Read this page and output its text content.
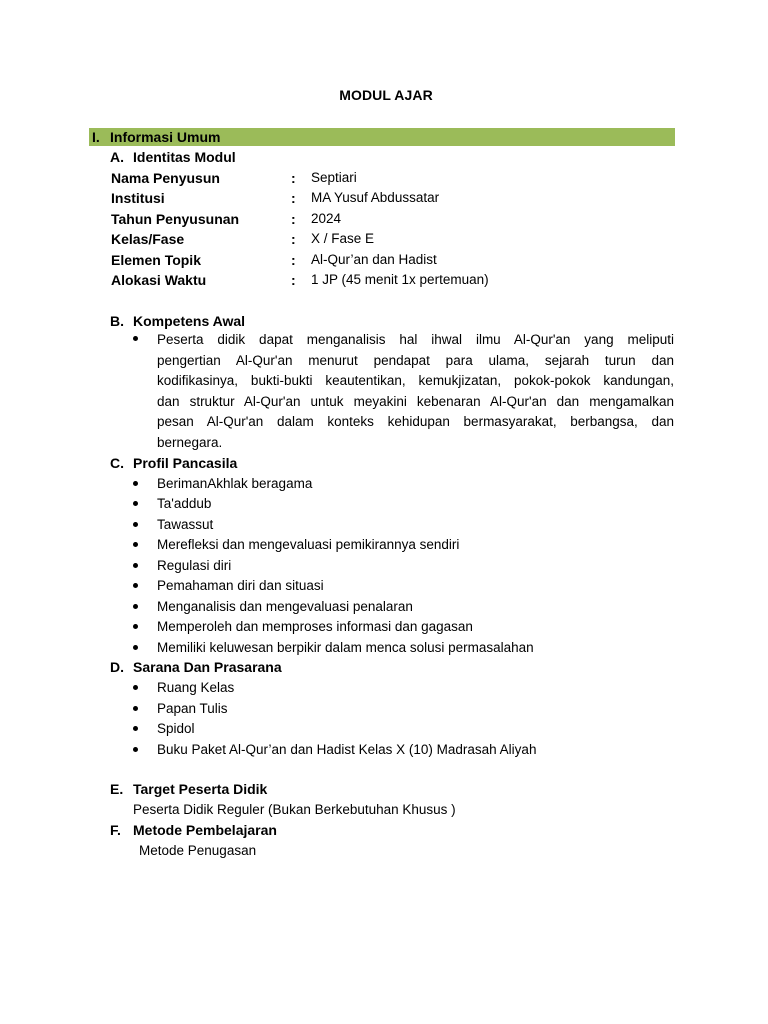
MODUL AJAR
I. Informasi Umum
A. Identitas Modul
Nama Penyusun	: Septiari
Institusi	: MA Yusuf Abdussatar
Tahun Penyusunan	: 2024
Kelas/Fase	: X / Fase E
Elemen Topik	: Al-Qur’an dan Hadist
Alokasi Waktu	: 1 JP (45 menit 1x pertemuan)
B. Kompetens Awal
Peserta didik dapat menganalisis hal ihwal ilmu Al-Qur'an yang meliputi
pengertian Al-Qur'an menurut pendapat para ulama, sejarah turun dan
kodifikasinya, bukti-bukti keautentikan, kemukjizatan, pokok-pokok kandungan,
dan struktur Al-Qur'an untuk meyakini kebenaran Al-Qur'an dan mengamalkan
pesan Al-Qur'an dalam konteks kehidupan bermasyarakat, berbangsa, dan
bernegara.
C. Profil Pancasila
BerimanAkhlak beragama
Ta'addub
Tawassut
Merefleksi dan mengevaluasi pemikirannya sendiri
Regulasi diri
Pemahaman diri dan situasi
Menganalisis dan mengevaluasi penalaran
Memperoleh dan memproses informasi dan gagasan
Memiliki keluwesan berpikir dalam menca solusi permasalahan
D. Sarana Dan Prasarana
Ruang Kelas
Papan Tulis
Spidol
Buku Paket Al-Qur’an dan Hadist Kelas X (10) Madrasah Aliyah
E. Target Peserta Didik
Peserta Didik Reguler (Bukan Berkebutuhan Khusus )
F. Metode Pembelajaran
Metode Penugasan
